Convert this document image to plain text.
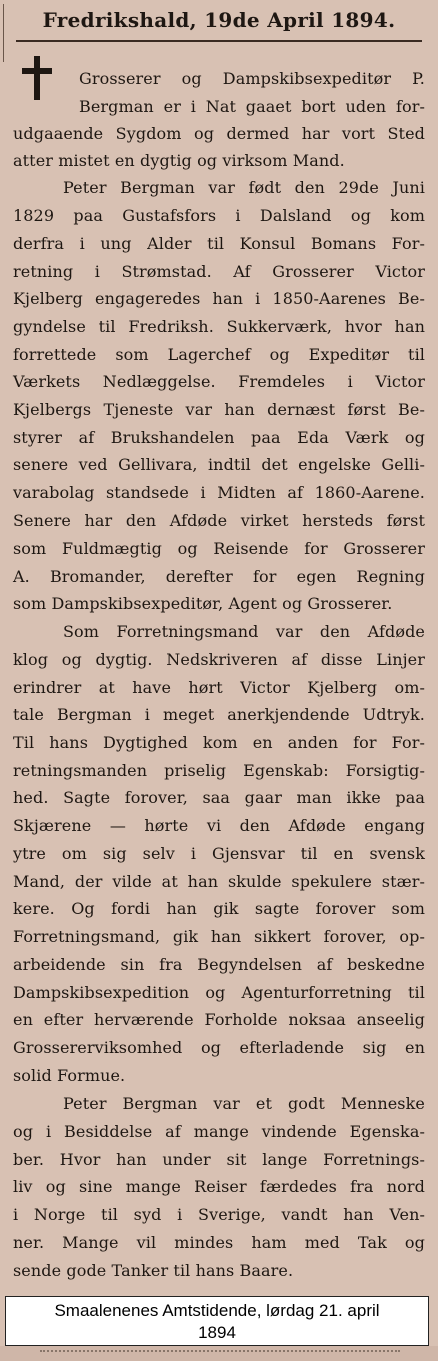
Fredrikshald, 19de April 1894.
Grosserer og Dampskibsexpeditør P.
Bergman er i Nat gaaet bort uden for-
udgaaende Sygdom og dermed har vort Sted
atter mistet en dygtig og virksom Mand.
Peter Bergman var født den 29de Juni
1829 paa Gustafsfors i Dalsland og kom
derfra i ung Alder til Konsul Bomans For-
retning i Strømstad. Af Grosserer Victor
Kjelberg engageredes han i 1850-Aarenes Be-
gyndelse til Fredriksh. Sukkerværk, hvor han
forrettede som Lagerchef og Expeditør til
Værkets Nedlæggelse. Fremdeles i Victor
Kjelbergs Tjeneste var han dernæst først Be-
styrer af Brukshandelen paa Eda Værk og
senere ved Gellivara, indtil det engelske Gelli-
varabolag standsede i Midten af 1860-Aarene.
Senere har den Afdøde virket hersteds først
som Fuldmægtig og Reisende for Grosserer
A. Bromander, derefter for egen Regning
som Dampskibsexpeditør, Agent og Grosserer.
Som Forretningsmand var den Afdøde
klog og dygtig. Nedskriveren af disse Linjer
erindrer at have hørt Victor Kjelberg om-
tale Bergman i meget anerkjendende Udtryk.
Til hans Dygtighed kom en anden for For-
retningsmanden priselig Egenskab: Forsigtig-
hed. Sagte forover, saa gaar man ikke paa
Skjærene — hørte vi den Afdøde engang
ytre om sig selv i Gjensvar til en svensk
Mand, der vilde at han skulde spekulere stær-
kere. Og fordi han gik sagte forover som
Forretningsmand, gik han sikkert forover, op-
arbeidende sin fra Begyndelsen af beskedne
Dampskibsexpedition og Agenturforretning til
en efter herværende Forholde noksaa anseelig
Grossererviksomhed og efterladende sig en
solid Formue.
Peter Bergman var et godt Menneske
og i Besiddelse af mange vindende Egenska-
ber. Hvor han under sit lange Forretnings-
liv og sine mange Reiser færdedes fra nord
i Norge til syd i Sverige, vandt han Ven-
ner. Mange vil mindes ham med Tak og
sende gode Tanker til hans Baare.
Smaalenenes Amtstidende, lørdag 21. april
1894
